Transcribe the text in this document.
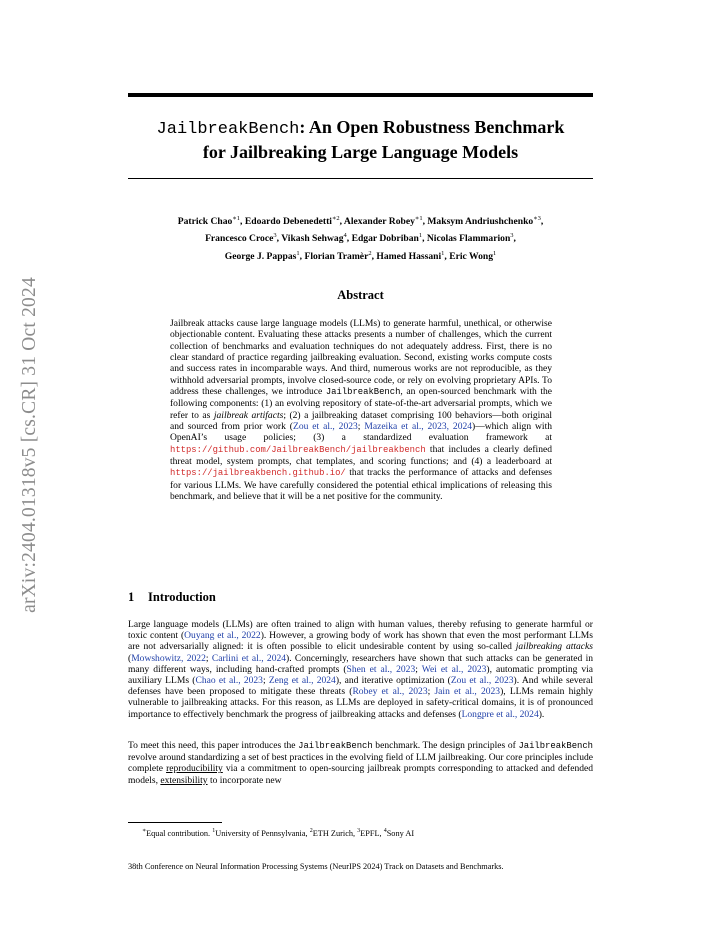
arXiv:2404.01318v5 [cs.CR] 31 Oct 2024
JailbreakBench: An Open Robustness Benchmark
for Jailbreaking Large Language Models
Patrick Chao$^{∗1}$, Edoardo Debenedetti$^{∗2}$, Alexander Robey$^{∗1}$, Maksym Andriushchenko$^{∗3}$,
Francesco Croce$^3$, Vikash Sehwag$^4$, Edgar Dobriban$^1$, Nicolas Flammarion$^3$,
George J. Pappas$^1$, Florian Tramèr$^2$, Hamed Hassani$^1$, Eric Wong$^1$
Abstract
Jailbreak attacks cause large language models (LLMs) to generate harmful, unethical, or otherwise objectionable content. Evaluating these attacks presents a number of challenges, which the current collection of benchmarks and evaluation techniques do not adequately address. First, there is no clear standard of practice regarding jailbreaking evaluation. Second, existing works compute costs and success rates in incomparable ways. And third, numerous works are not reproducible, as they withhold adversarial prompts, involve closed-source code, or rely on evolving proprietary APIs. To address these challenges, we introduce JailbreakBench, an open-sourced benchmark with the following components: (1) an evolving repository of state-of-the-art adversarial prompts, which we refer to as jailbreak artifacts; (2) a jailbreaking dataset comprising 100 behaviors—both original and sourced from prior work (Zou et al., 2023; Mazeika et al., 2023, 2024)—which align with OpenAI’s usage policies; (3) a standardized evaluation framework at https://github.com/JailbreakBench/jailbreakbench that includes a clearly defined threat model, system prompts, chat templates, and scoring functions; and (4) a leaderboard at https://jailbreakbench.github.io/ that tracks the performance of attacks and defenses for various LLMs. We have carefully considered the potential ethical implications of releasing this benchmark, and believe that it will be a net positive for the community.
1 Introduction
Large language models (LLMs) are often trained to align with human values, thereby refusing to generate harmful or toxic content (Ouyang et al., 2022). However, a growing body of work has shown that even the most performant LLMs are not adversarially aligned: it is often possible to elicit undesirable content by using so-called jailbreaking attacks (Mowshowitz, 2022; Carlini et al., 2024). Concerningly, researchers have shown that such attacks can be generated in many different ways, including hand-crafted prompts (Shen et al., 2023; Wei et al., 2023), automatic prompting via auxiliary LLMs (Chao et al., 2023; Zeng et al., 2024), and iterative optimization (Zou et al., 2023). And while several defenses have been proposed to mitigate these threats (Robey et al., 2023; Jain et al., 2023), LLMs remain highly vulnerable to jailbreaking attacks. For this reason, as LLMs are deployed in safety-critical domains, it is of pronounced importance to effectively benchmark the progress of jailbreaking attacks and defenses (Longpre et al., 2024).
To meet this need, this paper introduces the JailbreakBench benchmark. The design principles of JailbreakBench revolve around standardizing a set of best practices in the evolving field of LLM jailbreaking. Our core principles include complete reproducibility via a commitment to open-sourcing jailbreak prompts corresponding to attacked and defended models, extensibility to incorporate new
∗Equal contribution. $^1$University of Pennsylvania, $^2$ETH Zurich, $^3$EPFL, $^4$Sony AI
38th Conference on Neural Information Processing Systems (NeurIPS 2024) Track on Datasets and Benchmarks.
